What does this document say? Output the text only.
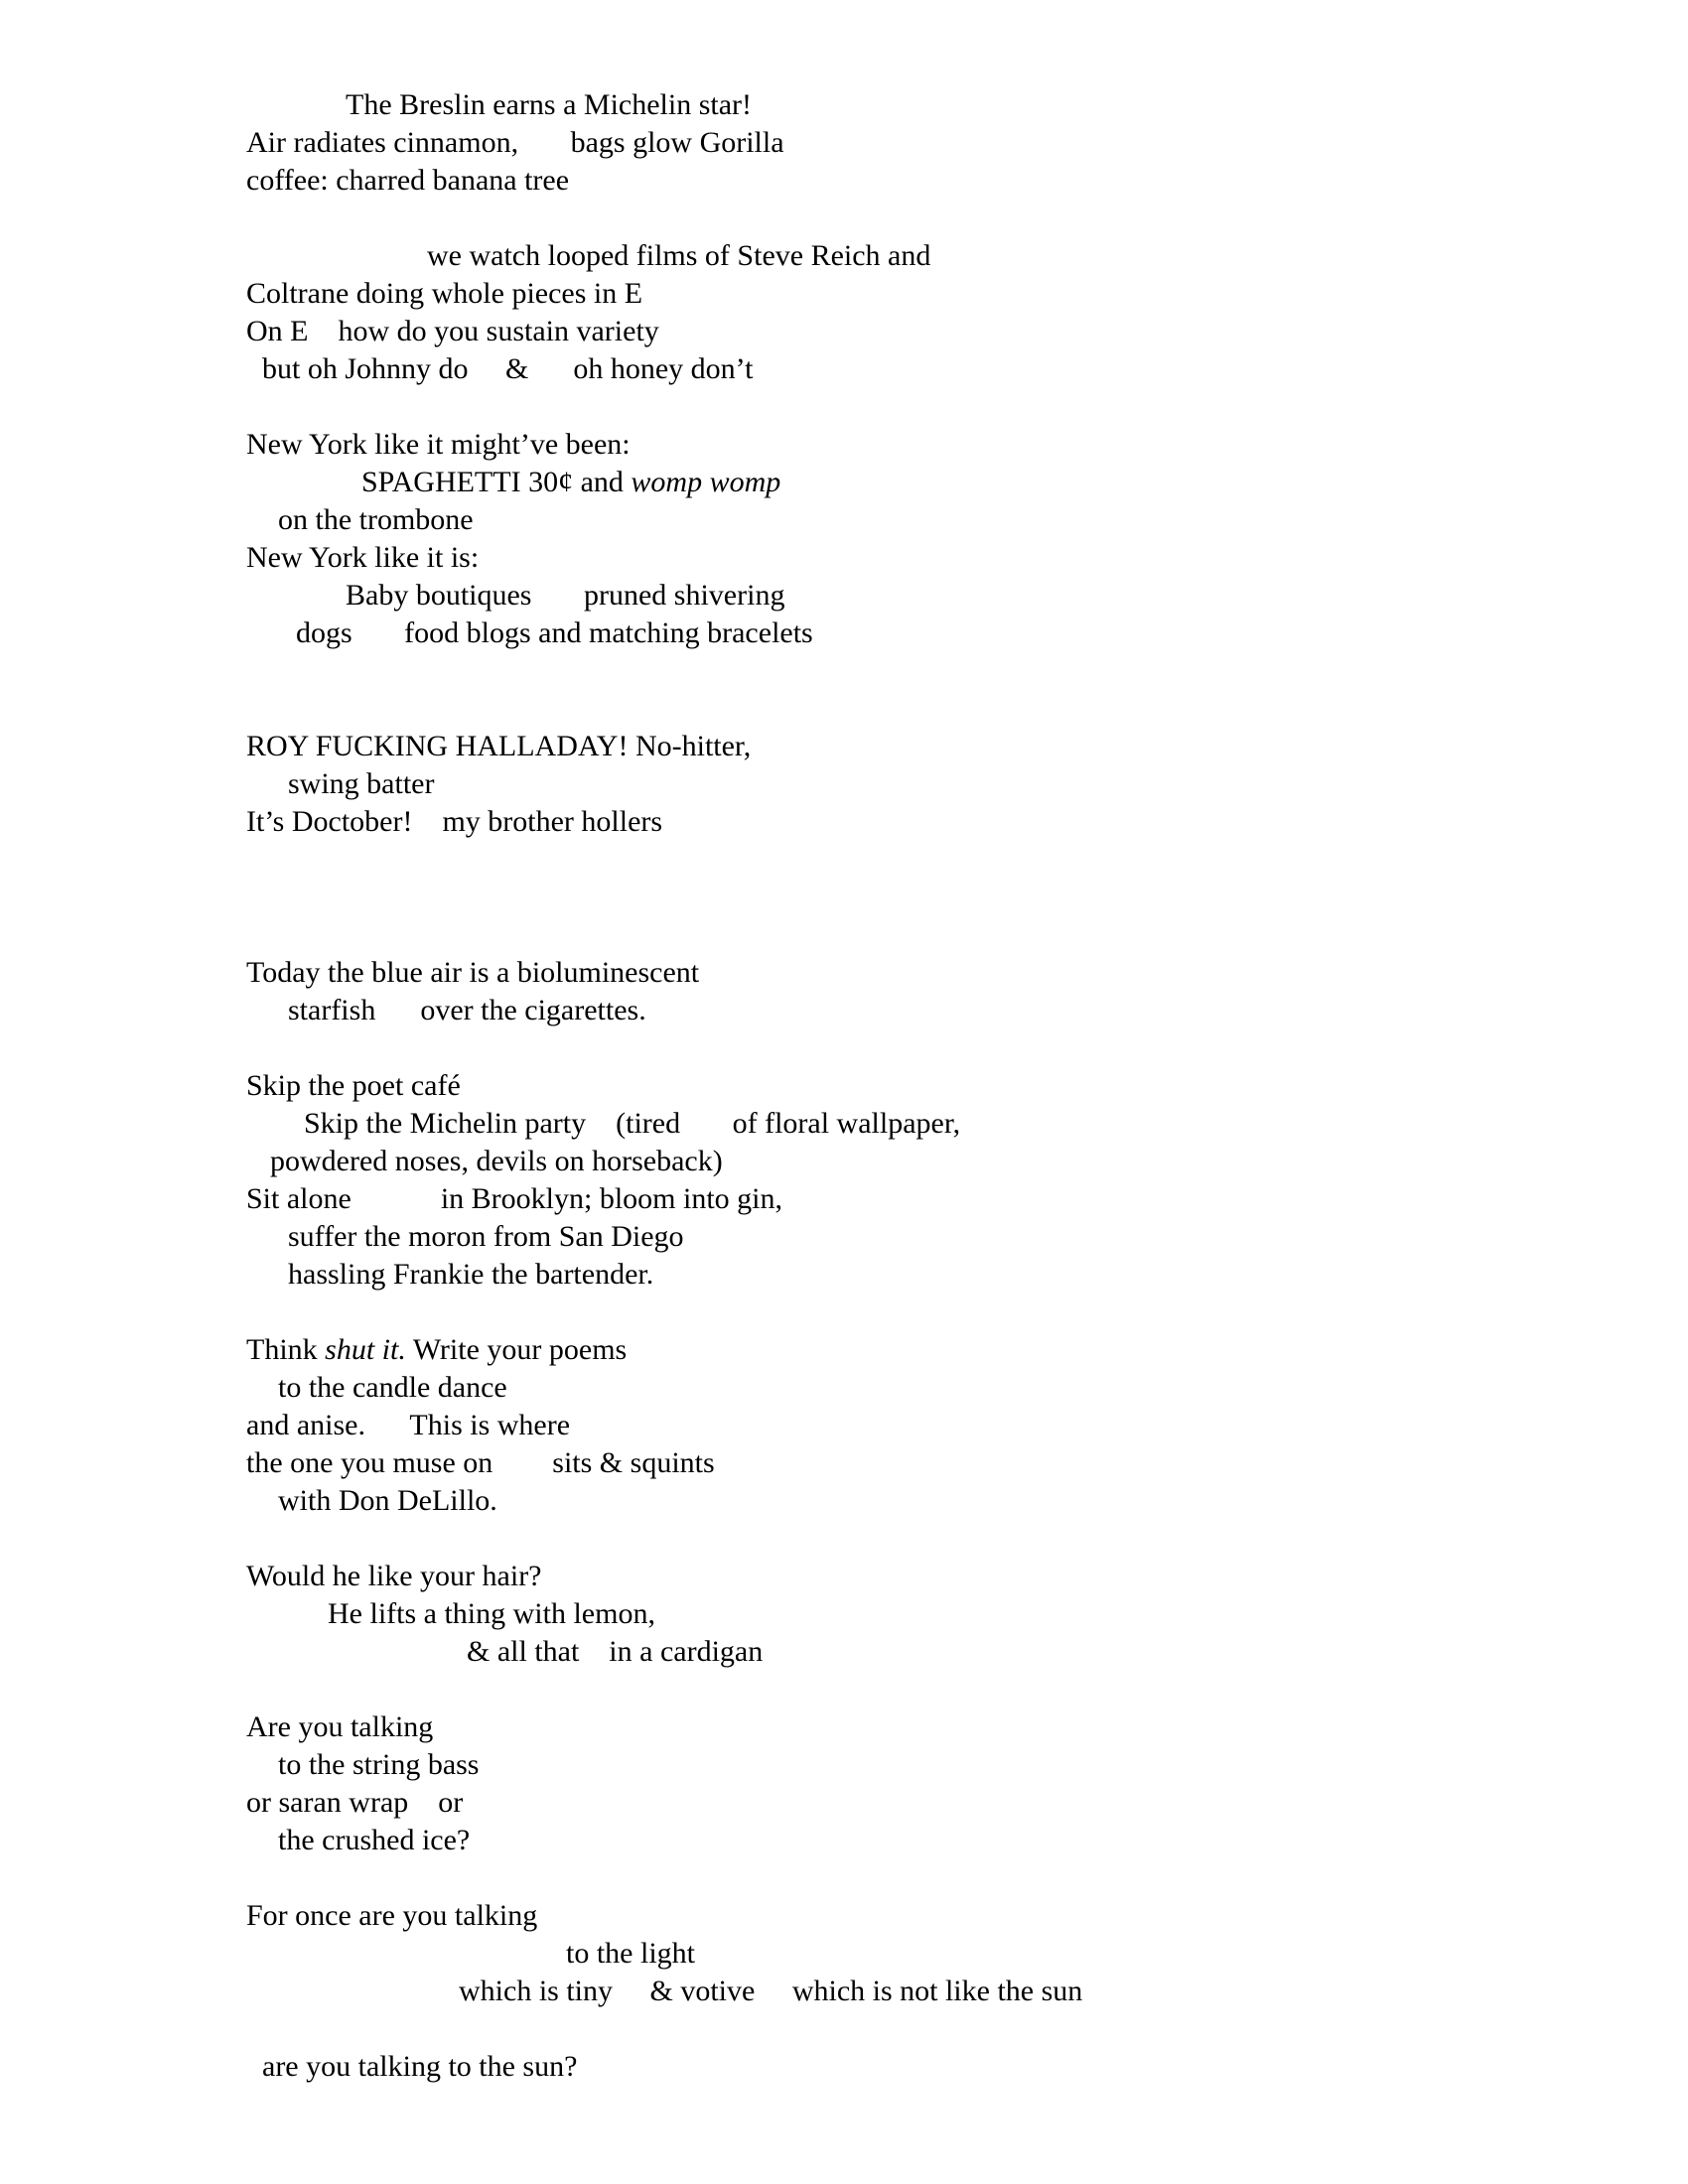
The Breslin earns a Michelin star!

Air radiates cinnamon,       bags glow Gorilla

coffee: charred banana tree

we watch looped films of Steve Reich and

Coltrane doing whole pieces in E

On E    how do you sustain variety

but oh Johnny do     &      oh honey don’t

New York like it might’ve been:

SPAGHETTI 30¢ and womp womp

on the trombone

New York like it is:

Baby boutiques       pruned shivering

dogs       food blogs and matching bracelets

ROY FUCKING HALLADAY! No-hitter,

swing batter

It’s Doctober!    my brother hollers

Today the blue air is a bioluminescent

starfish      over the cigarettes.

Skip the poet café

Skip the Michelin party    (tired       of floral wallpaper,

powdered noses, devils on horseback)

Sit alone            in Brooklyn; bloom into gin,

suffer the moron from San Diego

hassling Frankie the bartender.

Think shut it. Write your poems

to the candle dance

and anise.      This is where

the one you muse on        sits & squints

with Don DeLillo.

Would he like your hair?

He lifts a thing with lemon,

& all that    in a cardigan

Are you talking

to the string bass

or saran wrap    or

the crushed ice?

For once are you talking

to the light

which is tiny     & votive     which is not like the sun

are you talking to the sun?
